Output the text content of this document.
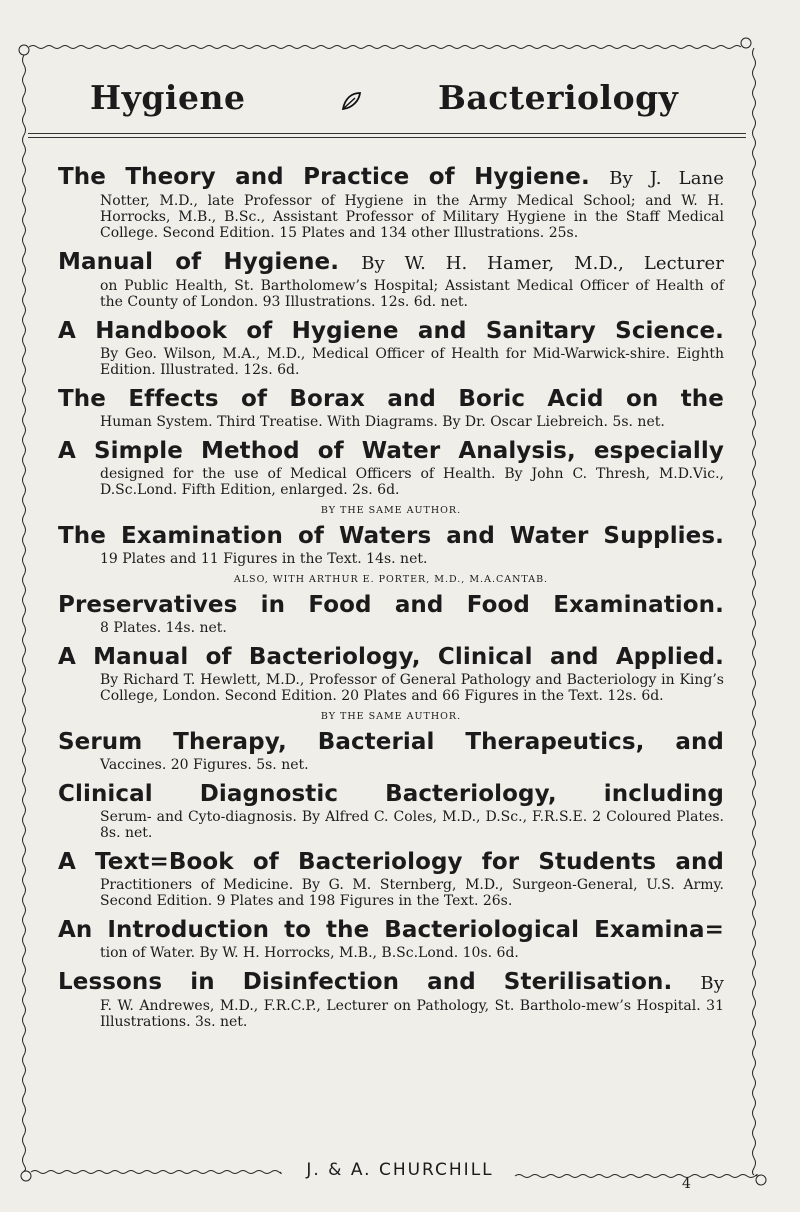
Hygiene	Bacteriology
The Theory and Practice of Hygiene. By J. Lane
Notter, M.D., late Professor of Hygiene in the Army Medical School; and W. H. Horrocks, M.B., B.Sc., Assistant Professor of Military Hygiene in the Staff Medical College. Second Edition. 15 Plates and 134 other Illustrations. 25s.
Manual of Hygiene. By W. H. Hamer, M.D., Lecturer
on Public Health, St. Bartholomew’s Hospital; Assistant Medical Officer of Health of the County of London. 93 Illustrations. 12s. 6d. net.
A Handbook of Hygiene and Sanitary Science.
By Geo. Wilson, M.A., M.D., Medical Officer of Health for Mid-Warwick-shire. Eighth Edition. Illustrated. 12s. 6d.
The Effects of Borax and Boric Acid on the
Human System. Third Treatise. With Diagrams. By Dr. Oscar Liebreich. 5s. net.
A Simple Method of Water Analysis, especially
designed for the use of Medical Officers of Health. By John C. Thresh, M.D.Vic., D.Sc.Lond. Fifth Edition, enlarged. 2s. 6d.
BY THE SAME AUTHOR.
The Examination of Waters and Water Supplies.
19 Plates and 11 Figures in the Text. 14s. net.
ALSO, WITH ARTHUR E. PORTER, M.D., M.A.CANTAB.
Preservatives in Food and Food Examination.
8 Plates. 14s. net.
A Manual of Bacteriology, Clinical and Applied.
By Richard T. Hewlett, M.D., Professor of General Pathology and Bacteriology in King’s College, London. Second Edition. 20 Plates and 66 Figures in the Text. 12s. 6d.
BY THE SAME AUTHOR.
Serum Therapy, Bacterial Therapeutics, and
Vaccines. 20 Figures. 5s. net.
Clinical Diagnostic Bacteriology, including
Serum- and Cyto-diagnosis. By Alfred C. Coles, M.D., D.Sc., F.R.S.E. 2 Coloured Plates. 8s. net.
A Text=Book of Bacteriology for Students and
Practitioners of Medicine. By G. M. Sternberg, M.D., Surgeon-General, U.S. Army. Second Edition. 9 Plates and 198 Figures in the Text. 26s.
An Introduction to the Bacteriological Examina=
tion of Water. By W. H. Horrocks, M.B., B.Sc.Lond. 10s. 6d.
Lessons in Disinfection and Sterilisation. By
F. W. Andrewes, M.D., F.R.C.P., Lecturer on Pathology, St. Bartholo-mew’s Hospital. 31 Illustrations. 3s. net.
J. & A. CHURCHILL
4
